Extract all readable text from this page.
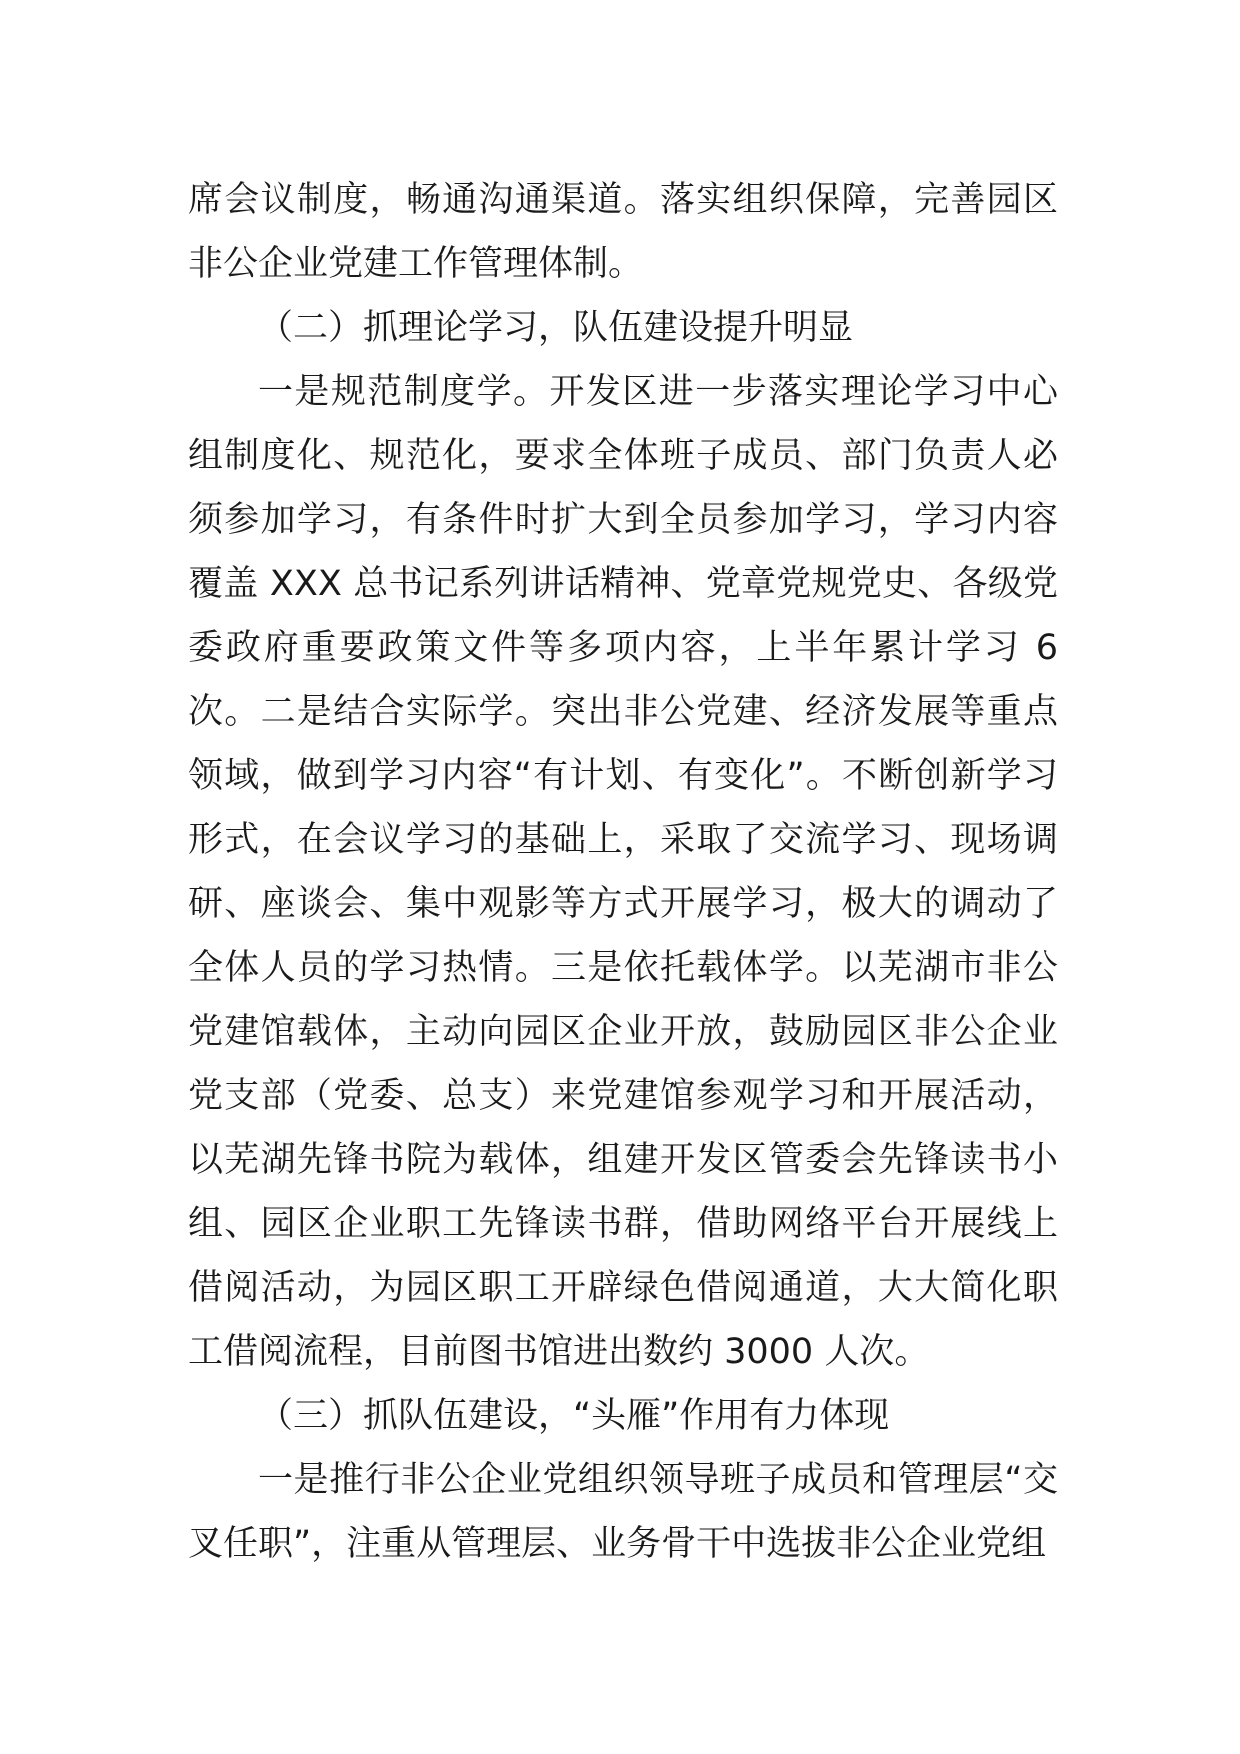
席会议制度，畅通沟通渠道。落实组织保障，完善园区非公企业党建工作管理体制。

（二）抓理论学习，队伍建设提升明显

一是规范制度学。开发区进一步落实理论学习中心组制度化、规范化，要求全体班子成员、部门负责人必须参加学习，有条件时扩大到全员参加学习，学习内容覆盖 XXX 总书记系列讲话精神、党章党规党史、各级党委政府重要政策文件等多项内容，上半年累计学习 6 次。二是结合实际学。突出非公党建、经济发展等重点领域，做到学习内容“有计划、有变化”。不断创新学习形式，在会议学习的基础上，采取了交流学习、现场调研、座谈会、集中观影等方式开展学习，极大的调动了全体人员的学习热情。三是依托载体学。以芜湖市非公党建馆载体，主动向园区企业开放，鼓励园区非公企业党支部（党委、总支）来党建馆参观学习和开展活动，以芜湖先锋书院为载体，组建开发区管委会先锋读书小组、园区企业职工先锋读书群，借助网络平台开展线上借阅活动，为园区职工开辟绿色借阅通道，大大简化职工借阅流程，目前图书馆进出数约 3000 人次。

（三）抓队伍建设，“头雁”作用有力体现

一是推行非公企业党组织领导班子成员和管理层“交叉任职”，注重从管理层、业务骨干中选拔非公企业党组
